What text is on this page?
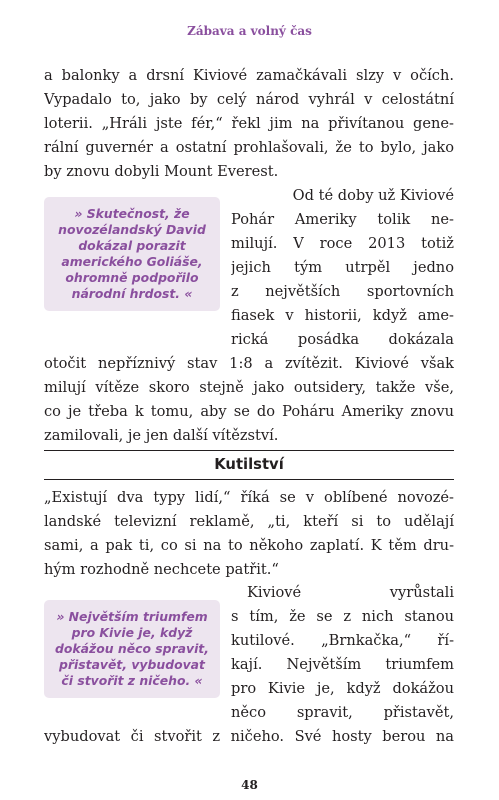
Zábava a volný čas
a balonky a drsní Kiviové zamačkávali slzy v očích.
Vypadalo to, jako by celý národ vyhrál v celostátní
loterii. „Hráli jste fér,“ řekl jim na přivítanou gene-
rální guvernér a ostatní prohlašovali, že to bylo, jako
by znovu dobyli Mount Everest.
» Skutečnost, že
novozélandský David
dokázal porazit
amerického Goliáše,
ohromně podpořilo
národní hrdost. «
Od té doby už Kiviové
Pohár Ameriky tolik ne-
milují. V roce 2013 totiž
jejich tým utrpěl jedno
z největších sportovních
fiasek v historii, když ame-
rická posádka dokázala
otočit nepříznivý stav 1:8 a zvítězit. Kiviové však
milují vítěze skoro stejně jako outsidery, takže vše,
co je třeba k tomu, aby se do Poháru Ameriky znovu
zamilovali, je jen další vítězství.
Kutilství
„Existují dva typy lidí,“ říká se v oblíbené novozé-
landské televizní reklamě, „ti, kteří si to udělají
sami, a pak ti, co si na to někoho zaplatí. K těm dru-
hým rozhodně nechcete patřit.“
» Největším triumfem
pro Kivie je, když
dokážou něco spravit,
přistavět, vybudovat
či stvořit z ničeho. «
Kiviové vyrůstali
s tím, že se z nich stanou
kutilové. „Brnkačka,“ ří-
kají. Největším triumfem
pro Kivie je, když dokážou
něco spravit, přistavět,
vybudovat či stvořit z ničeho. Své hosty berou na
48
